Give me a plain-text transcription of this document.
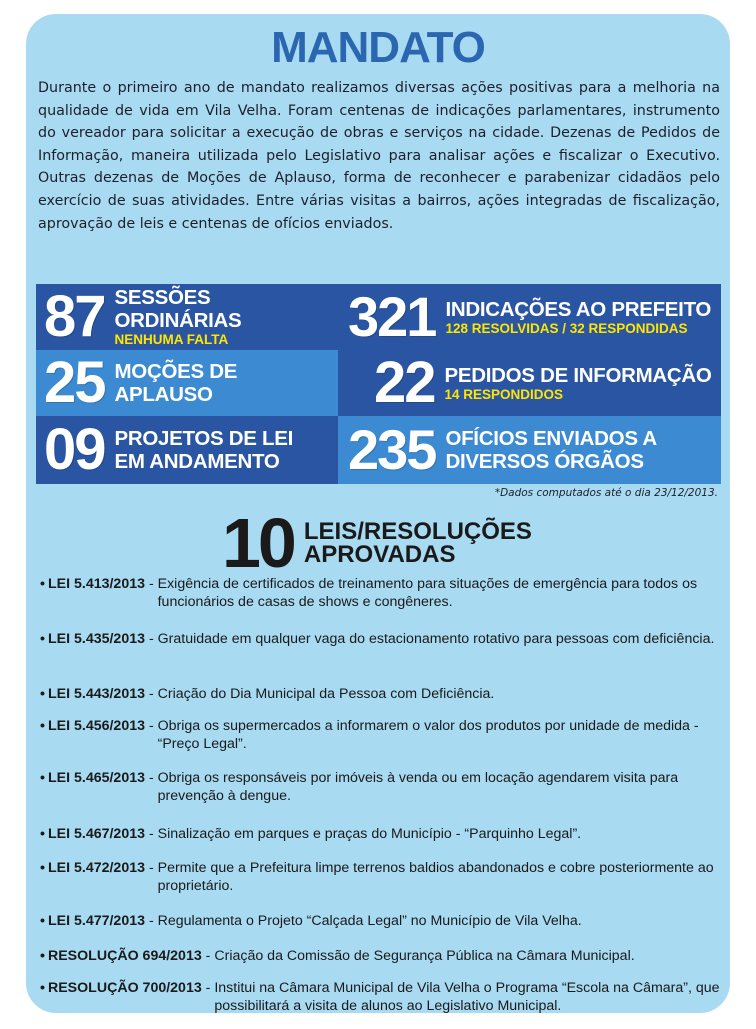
MANDATO

Durante o primeiro ano de mandato realizamos diversas ações positivas para a melhoria na qualidade de vida em Vila Velha. Foram centenas de indicações parlamentares, instrumento do vereador para solicitar a execução de obras e serviços na cidade. Dezenas de Pedidos de Informação, maneira utilizada pelo Legislativo para analisar ações e fiscalizar o Executivo. Outras dezenas de Moções de Aplauso, forma de reconhecer e parabenizar cidadãos pelo exercício de suas atividades. Entre várias visitas a bairros, ações integradas de fiscalização, aprovação de leis e centenas de ofícios enviados.

87 SESSÕES ORDINÁRIAS
NENHUMA FALTA	321 INDICAÇÕES AO PREFEITO
128 RESOLVIDAS / 32 RESPONDIDAS
25 MOÇÕES DE APLAUSO	22 PEDIDOS DE INFORMAÇÃO
14 RESPONDIDOS
09 PROJETOS DE LEI
EM ANDAMENTO 235 OFÍCIOS ENVIADOS A
DIVERSOS ÓRGÃOS
*Dados computados até o dia 23/12/2013.
10 LEIS/RESOLUÇÕES
APROVADAS
• LEI 5.413/2013 - Exigência de certificados de treinamento para situações de emergência para todos os funcionários de casas de shows e congêneres.
• LEI 5.435/2013 - Gratuidade em qualquer vaga do estacionamento rotativo para pessoas com deficiência.
• LEI 5.443/2013 - Criação do Dia Municipal da Pessoa com Deficiência.
• LEI 5.456/2013 - Obriga os supermercados a informarem o valor dos produtos por unidade de medida - “Preço Legal”.
• LEI 5.465/2013 - Obriga os responsáveis por imóveis à venda ou em locação agendarem visita para prevenção à dengue.
• LEI 5.467/2013 - Sinalização em parques e praças do Município - “Parquinho Legal”.
• LEI 5.472/2013 - Permite que a Prefeitura limpe terrenos baldios abandonados e cobre posteriormente ao proprietário.
• LEI 5.477/2013 - Regulamenta o Projeto “Calçada Legal” no Município de Vila Velha.
• RESOLUÇÃO 694/2013 - Criação da Comissão de Segurança Pública na Câmara Municipal.
• RESOLUÇÃO 700/2013 - Institui na Câmara Municipal de Vila Velha o Programa “Escola na Câmara”, que possibilitará a visita de alunos ao Legislativo Municipal.
